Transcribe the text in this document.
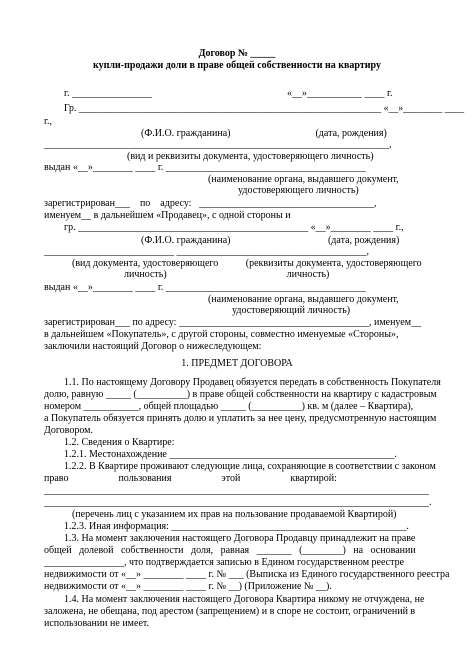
Договор № _____
купли-продажи доли в праве общей собственности на квартиру
г. ________________                                                      «__»___________ ____ г.
Гр. ______________________________________________________________ «__»________ ____
г.,
(Ф.И.О. гражданина)                                  (дата, рождения)
_____________________________________________________________________,
(вид и реквизиты документа, удостоверяющего личность)
выдан «__»________ ____ г. ________________________________________
(наименование органа, выдавшего документ,
удостоверяющего личность)
зарегистрирован___    по    адресу:   ___________________________________,
именуем__ в дальнейшем «Продавец», с одной стороны и
гр. ______________________________________________ «__»________ ____ г.,
(Ф.И.О. гражданина)                                       (дата, рождения)
__________________________ ______________________________________,
(вид документа, удостоверяющего           (реквизиты документа, удостоверяющего
личность)                                                личность)
выдан «__»________ ____ г. ________________________________________
(наименование органа, выдавшего документ,
удостоверяющий личность)
зарегистрирован___ по адресу: ______________________________________, именуем__
в дальнейшем «Покупатель», с другой стороны, совместно именуемые «Стороны»,
заключили настоящий Договор о нижеследующем:
1. ПРЕДМЕТ ДОГОВОРА
1.1. По настоящему Договору Продавец обязуется передать в собственность Покупателя
долю, равную _____ (__________) в праве общей собственности на квартиру с кадастровым
номером ___________, общей площадью _____ (__________) кв. м (далее – Квартира),
а Покупатель обязуется принять долю и уплатить за нее цену, предусмотренную настоящим
Договором.
1.2. Сведения о Квартире:
1.2.1. Местонахождение _____________________________________________.
1.2.2. В Квартире проживают следующие лица, сохраняющие в соответствии с законом
право                    пользования                    этой                    квартирой:
_____________________________________________________________________________
_____________________________________________________________________________.
(перечень лиц с указанием их прав на пользование продаваемой Квартирой)
1.2.3. Иная информация: _______________________________________________.
1.3. На момент заключения настоящего Договора Продавцу принадлежит на праве
общей   долевой   собственности   доля,   равная   _______   (________)   на   основании
________________, что подтверждается записью в Едином государственном реестре
недвижимости от «__» ________ ____ г. № ___ (Выписка из Единого государственного реестра
недвижимости от «__» ________ ____ г. № __) (Приложение № __).
1.4. На момент заключения настоящего Договора Квартира никому не отчуждена, не
заложена, не обещана, под арестом (запрещением) и в споре не состоит, ограничений в
использовании не имеет.
